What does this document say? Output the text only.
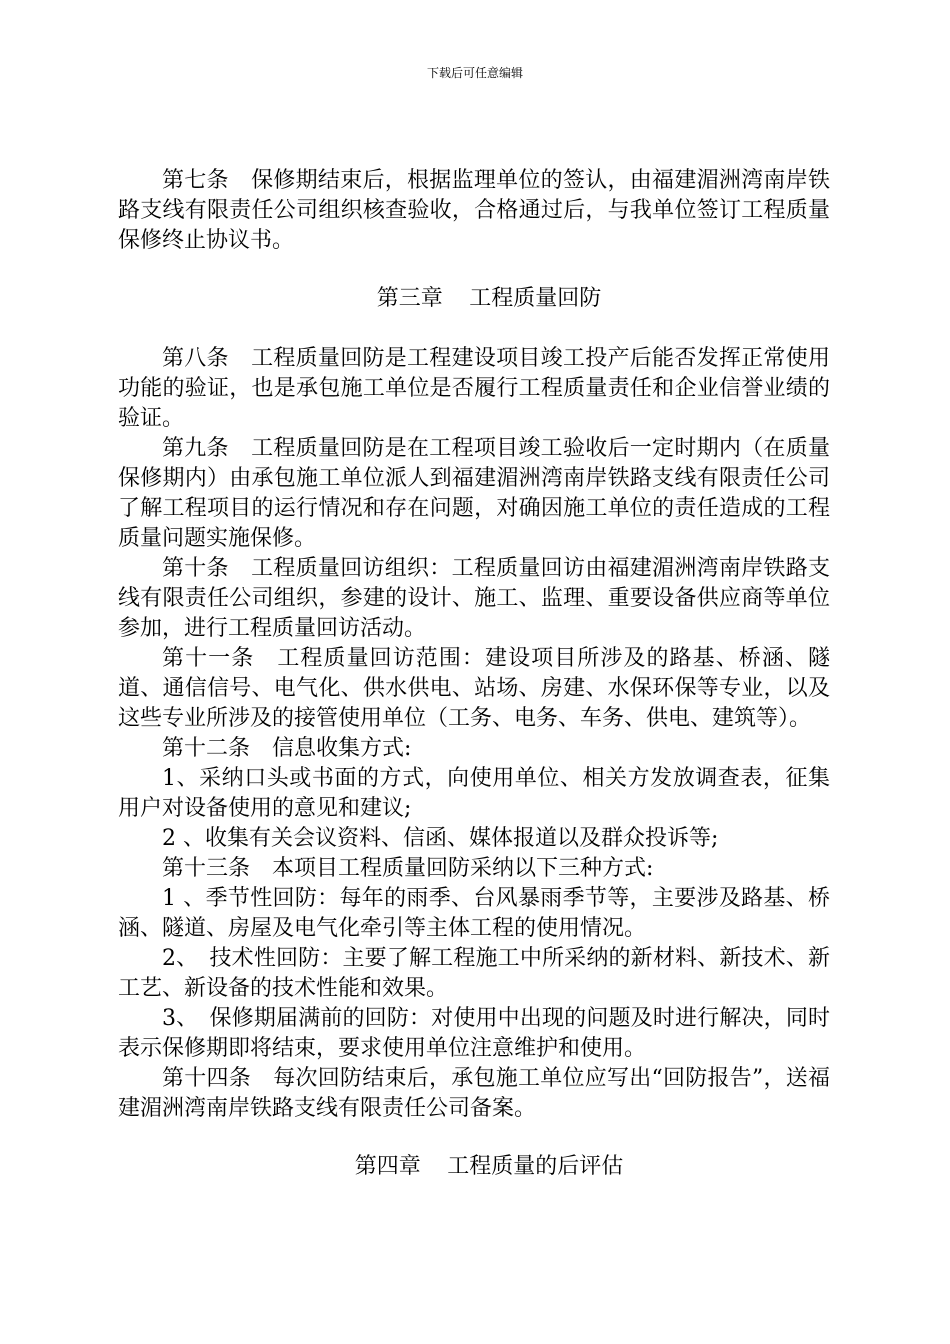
下载后可任意编辑

第七条　保修期结束后，根据监理单位的签认，由福建湄洲湾南岸铁路支线有限责任公司组织核查验收，合格通过后，与我单位签订工程质量保修终止协议书。

第三章 工程质量回防

第八条　工程质量回防是工程建设项目竣工投产后能否发挥正常使用功能的验证，也是承包施工单位是否履行工程质量责任和企业信誉业绩的验证。

第九条　工程质量回防是在工程项目竣工验收后一定时期内（在质量保修期内）由承包施工单位派人到福建湄洲湾南岸铁路支线有限责任公司了解工程项目的运行情况和存在问题，对确因施工单位的责任造成的工程质量问题实施保修。

第十条　工程质量回访组织：工程质量回访由福建湄洲湾南岸铁路支线有限责任公司组织，参建的设计、施工、监理、重要设备供应商等单位参加，进行工程质量回访活动。

第十一条　工程质量回访范围：建设项目所涉及的路基、桥涵、隧道、通信信号、电气化、供水供电、站场、房建、水保环保等专业，以及这些专业所涉及的接管使用单位（工务、电务、车务、供电、建筑等）。

第十二条　信息收集方式:

1、采纳口头或书面的方式，向使用单位、相关方发放调查表，征集用户对设备使用的意见和建议;

2 、收集有关会议资料、信函、媒体报道以及群众投诉等;

第十三条　本项目工程质量回防采纳以下三种方式:

1 、季节性回防：每年的雨季、台风暴雨季节等，主要涉及路基、桥涵、隧道、房屋及电气化牵引等主体工程的使用情况。

2、　技术性回防：主要了解工程施工中所采纳的新材料、新技术、新工艺、新设备的技术性能和效果。

3、　保修期届满前的回防：对使用中出现的问题及时进行解决，同时表示保修期即将结束，要求使用单位注意维护和使用。

第十四条　每次回防结束后，承包施工单位应写出“回防报告”，送福建湄洲湾南岸铁路支线有限责任公司备案。

第四章 工程质量的后评估
